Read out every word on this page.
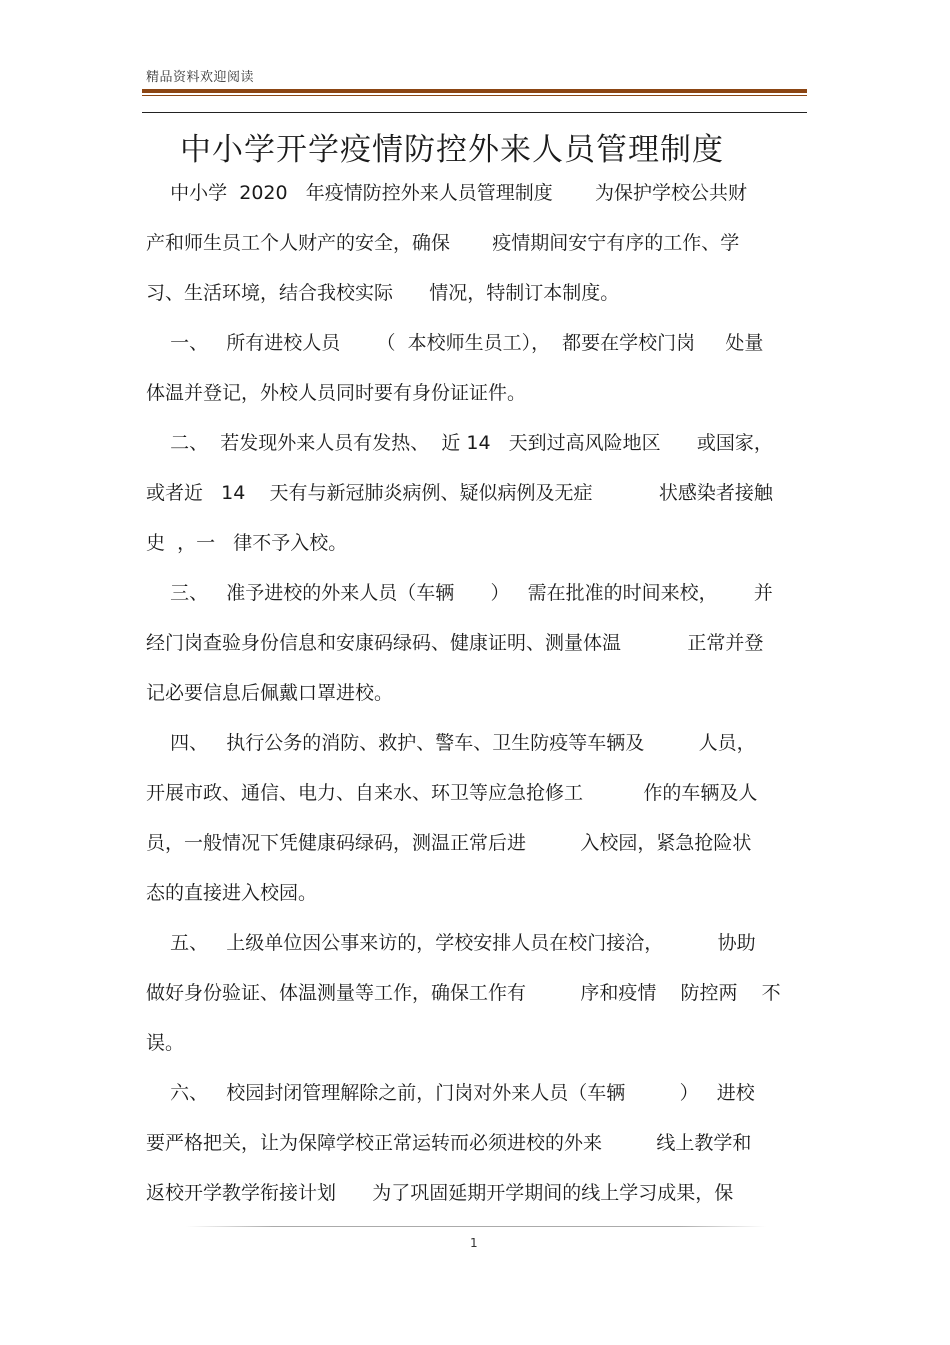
精品资料欢迎阅读
中小学开学疫情防控外来人员管理制度
中小学  2020   年疫情防控外来人员管理制度       为保护学校公共财
产和师生员工个人财产的安全，确保       疫情期间安宁有序的工作、学
习、生活环境，结合我校实际      情况，特制订本制度。
一、   所有进校人员      （  本校师生员工），  都要在学校门岗     处量
体温并登记，外校人员同时要有身份证证件。
二、  若发现外来人员有发热、  近 14   天到过高风险地区      或国家，
或者近   14    天有与新冠肺炎病例、疑似病例及无症           状感染者接触
史  ，一   律不予入校。
三、   准予进校的外来人员（车辆      ）   需在批准的时间来校，      并
经门岗查验身份信息和安康码绿码、健康证明、测量体温           正常并登
记必要信息后佩戴口罩进校。
四、   执行公务的消防、救护、警车、卫生防疫等车辆及         人员，
开展市政、通信、电力、自来水、环卫等应急抢修工          作的车辆及人
员，一般情况下凭健康码绿码，测温正常后进         入校园，紧急抢险状
态的直接进入校园。
五、   上级单位因公事来访的，学校安排人员在校门接洽，         协助
做好身份验证、体温测量等工作，确保工作有         序和疫情    防控两    不
误。
六、   校园封闭管理解除之前，门岗对外来人员（车辆         ）   进校
要严格把关，让为保障学校正常运转而必须进校的外来         线上教学和
返校开学教学衔接计划      为了巩固延期开学期间的线上学习成果，保
1
